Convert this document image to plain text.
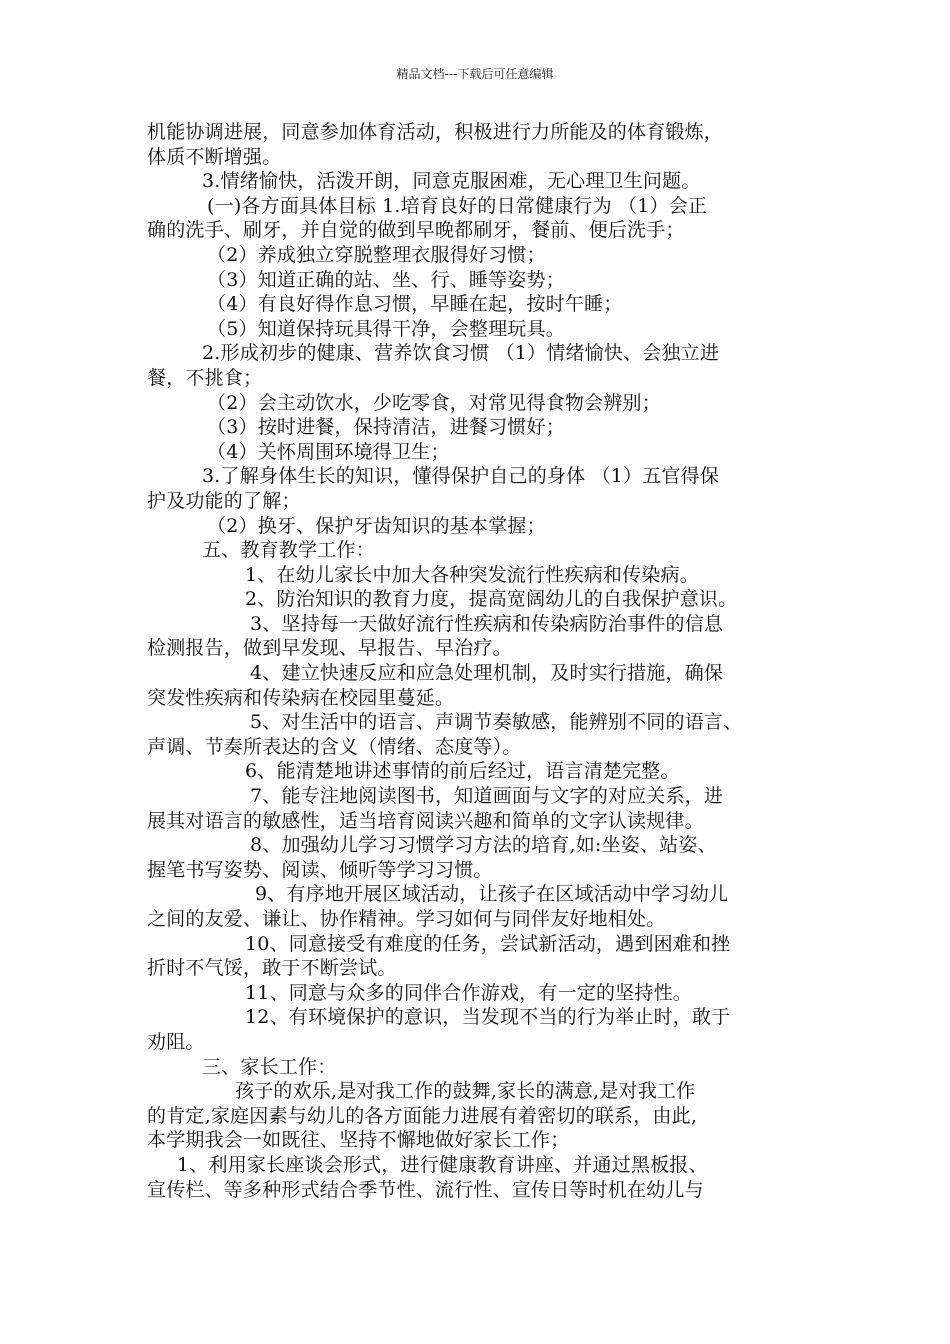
精品文档---下载后可任意编辑
机能协调进展，同意参加体育活动，积极进行力所能及的体育锻炼，
体质不断增强。
3.情绪愉快，活泼开朗，同意克服困难，无心理卫生问题。
(一)各方面具体目标 1.培育良好的日常健康行为 （1）会正
确的洗手、刷牙，并自觉的做到早晚都刷牙，餐前、便后洗手；
（2）养成独立穿脱整理衣服得好习惯；
（3）知道正确的站、坐、行、睡等姿势；
（4）有良好得作息习惯，早睡在起，按时午睡；
（5）知道保持玩具得干净，会整理玩具。
2.形成初步的健康、营养饮食习惯 （1）情绪愉快、会独立进
餐，不挑食；
（2）会主动饮水，少吃零食，对常见得食物会辨别；
（3）按时进餐，保持清洁，进餐习惯好；
（4）关怀周围环境得卫生；
3.了解身体生长的知识，懂得保护自己的身体 （1）五官得保
护及功能的了解；
（2）换牙、保护牙齿知识的基本掌握；
五、教育教学工作：
1、在幼儿家长中加大各种突发流行性疾病和传染病。
2、防治知识的教育力度，提高宽阔幼儿的自我保护意识。
3、坚持每一天做好流行性疾病和传染病防治事件的信息
检测报告，做到早发现、早报告、早治疗。
4、建立快速反应和应急处理机制，及时实行措施，确保
突发性疾病和传染病在校园里蔓延。
5、对生活中的语言、声调节奏敏感，能辨别不同的语言、
声调、节奏所表达的含义（情绪、态度等）。
6、能清楚地讲述事情的前后经过，语言清楚完整。
7、能专注地阅读图书，知道画面与文字的对应关系，进
展其对语言的敏感性，适当培育阅读兴趣和简单的文字认读规律。
8、加强幼儿学习习惯学习方法的培育,如:坐姿、站姿、
握笔书写姿势、阅读、倾听等学习习惯。
9、有序地开展区域活动，让孩子在区域活动中学习幼儿
之间的友爱、谦让、协作精神。学习如何与同伴友好地相处。
10、同意接受有难度的任务，尝试新活动，遇到困难和挫
折时不气馁，敢于不断尝试。
11、同意与众多的同伴合作游戏，有一定的坚持性。
12、有环境保护的意识，当发现不当的行为举止时，敢于
劝阻。
三、家长工作：
孩子的欢乐,是对我工作的鼓舞,家长的满意,是对我工作
的肯定,家庭因素与幼儿的各方面能力进展有着密切的联系，由此,
本学期我会一如既往、坚持不懈地做好家长工作；
1、利用家长座谈会形式，进行健康教育讲座、并通过黑板报、
宣传栏、等多种形式结合季节性、流行性、宣传日等时机在幼儿与
